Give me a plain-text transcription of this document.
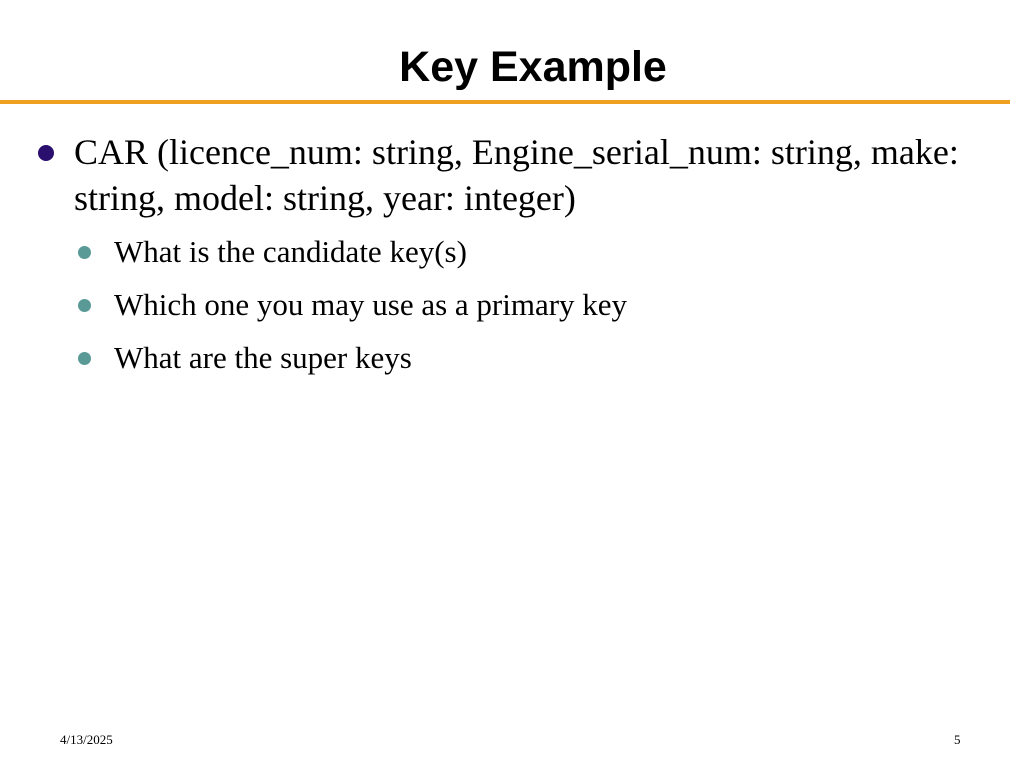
Key Example
CAR (licence_num: string, Engine_serial_num: string, make: string, model: string, year: integer)
What is the candidate key(s)
Which one you may use as a primary key
What are the super keys
4/13/2025	5
